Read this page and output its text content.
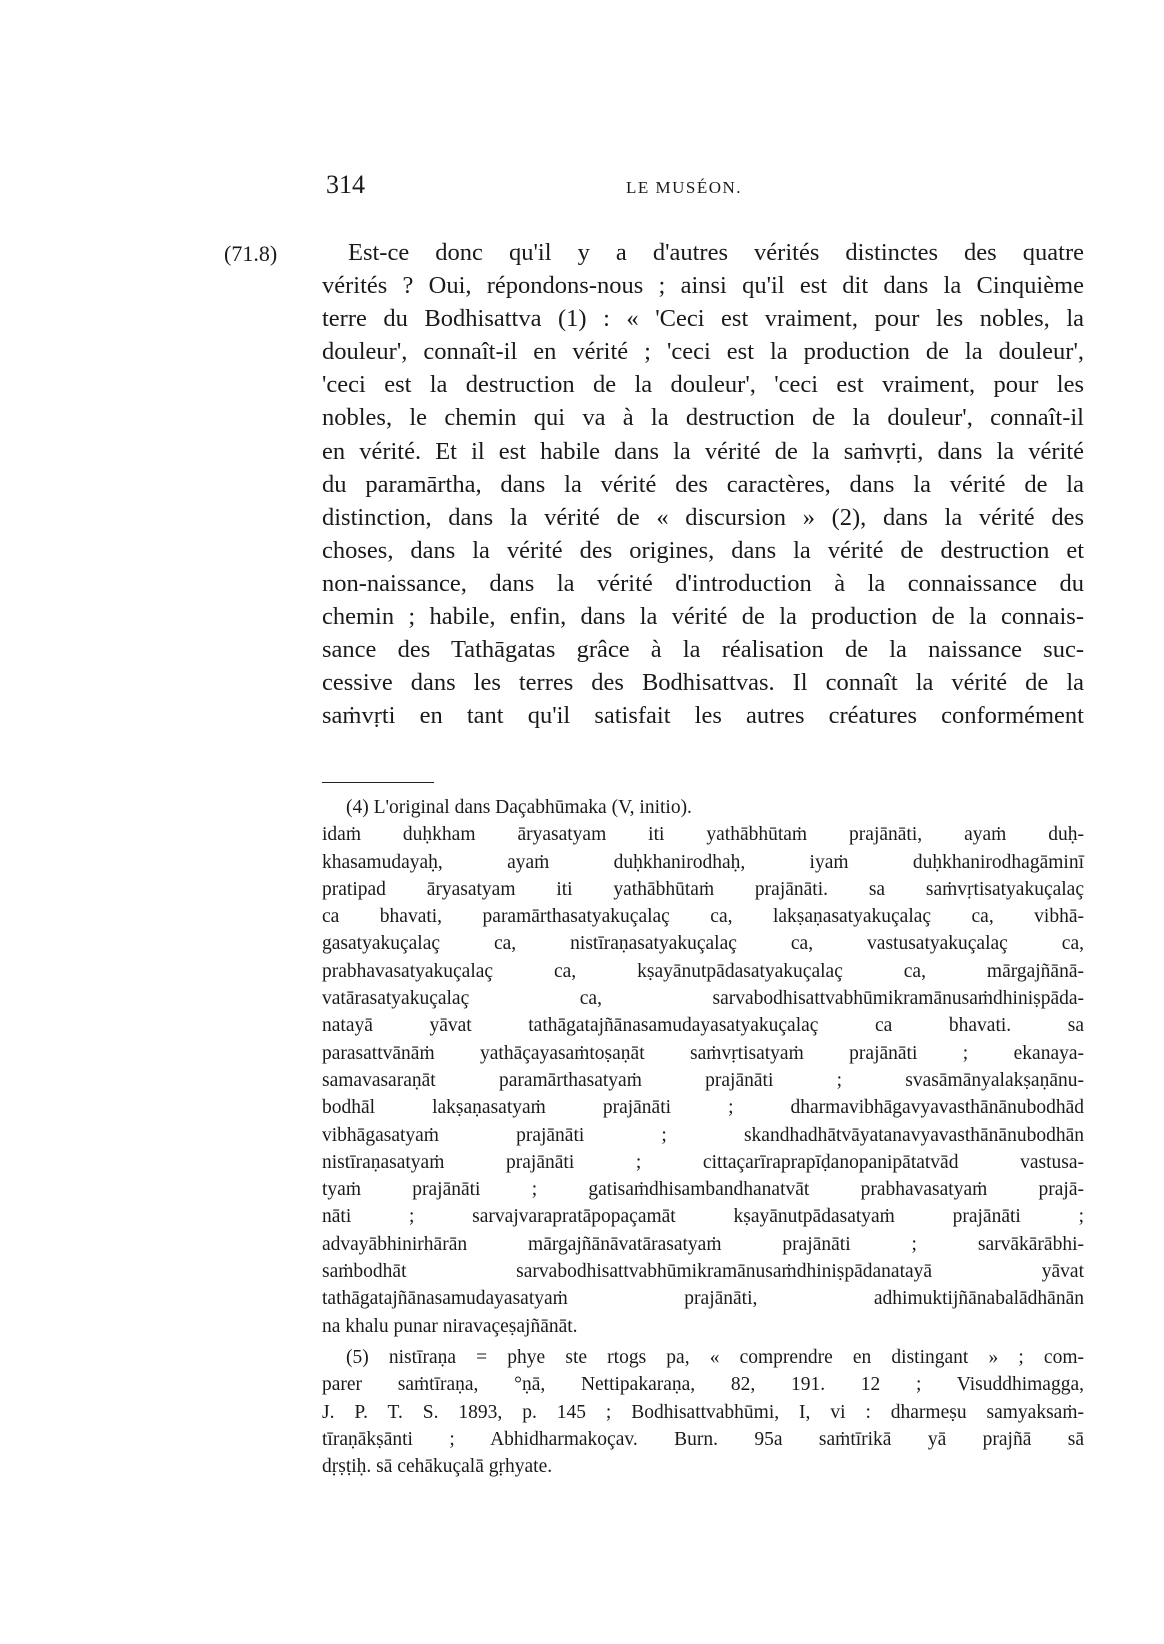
314	LE MUSÉON.
(71.8)	Est-ce donc qu'il y a d'autres vérités distinctes des quatre
vérités ? Oui, répondons-nous ; ainsi qu'il est dit dans la Cinquième
terre du Bodhisattva (1) : « 'Ceci est vraiment, pour les nobles, la
douleur', connaît-il en vérité ; 'ceci est la production de la douleur',
'ceci est la destruction de la douleur', 'ceci est vraiment, pour les
nobles, le chemin qui va à la destruction de la douleur', connaît-il
en vérité. Et il est habile dans la vérité de la saṁvṛti, dans la vérité
du paramārtha, dans la vérité des caractères, dans la vérité de la
distinction, dans la vérité de « discursion » (2), dans la vérité des
choses, dans la vérité des origines, dans la vérité de destruction et
non-naissance, dans la vérité d'introduction à la connaissance du
chemin ; habile, enfin, dans la vérité de la production de la connais-
sance des Tathāgatas grâce à la réalisation de la naissance suc-
cessive dans les terres des Bodhisattvas. Il connaît la vérité de la
saṁvṛti en tant qu'il satisfait les autres créatures conformément
(4) L'original dans Daçabhūmaka (V, initio).
idaṁ duḥkham āryasatyam iti yathābhūtaṁ prajānāti, ayaṁ duḥ-
khasamudayaḥ, ayaṁ duḥkhanirodhaḥ, iyaṁ duḥkhanirodhagāminī
pratipad āryasatyam iti yathābhūtaṁ prajānāti. sa saṁvṛtisatyakuçalaç
ca bhavati, paramārthasatyakuçalaç ca, lakṣaṇasatyakuçalaç ca, vibhā-
gasatyakuçalaç ca, nistīraṇasatyakuçalaç ca, vastusatyakuçalaç ca,
prabhavasatyakuçalaç ca, kṣayānutpādasatyakuçalaç ca, mārgajñānā-
vatārasatyakuçalaç ca, sarvabodhisattvabhūmikramānusaṁdhiniṣpāda-
natayā yāvat tathāgatajñānasamudayasatyakuçalaç ca bhavati. sa
parasattvānāṁ yathāçayasaṁtoṣaṇāt saṁvṛtisatyaṁ prajānāti ; ekanaya-
samavasaraṇāt paramārthasatyaṁ prajānāti ; svasāmānyalakṣaṇānu-
bodhāl lakṣaṇasatyaṁ prajānāti ; dharmavibhāgavyavasthānānubodhād
vibhāgasatyaṁ prajānāti ; skandhadhātvāyatanavyavasthānānubodhān
nistīraṇasatyaṁ prajānāti ; cittaçarīraprapīḍanopanipātatvād vastusa-
tyaṁ prajānāti ; gatisaṁdhisambandhanatvāt prabhavasatyaṁ prajā-
nāti ; sarvajvarapratāpopaçamāt kṣayānutpādasatyaṁ prajānāti ;
advayābhinirhārān mārgajñānāvatārasatyaṁ prajānāti ; sarvākārābhi-
saṁbodhāt sarvabodhisattvabhūmikramānusaṁdhiniṣpādanatayā yāvat
tathāgatajñānasamudayasatyaṁ prajānāti, adhimuktijñānabalādhānān
na khalu punar niravaçeṣajñānāt.
(5) nistīraṇa = phye ste rtogs pa, « comprendre en distingant » ; com-
parer saṁtīraṇa, °ṇā, Nettipakaraṇa, 82, 191. 12 ; Visuddhimagga,
J. P. T. S. 1893, p. 145 ; Bodhisattvabhūmi, I, vi : dharmeṣu samyaksaṁ-
tīraṇākṣānti ; Abhidharmakoçav. Burn. 95a saṁtīrikā yā prajñā sā
dṛṣṭiḥ. sā cehākuçalā gṛhyate.
